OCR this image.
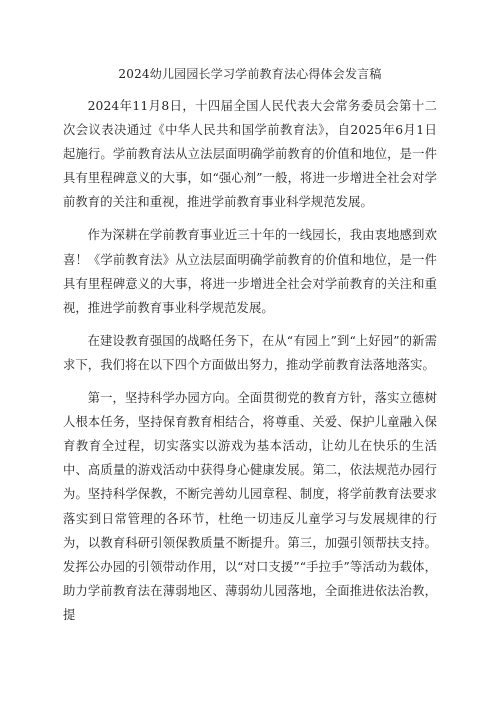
2024幼儿园园长学习学前教育法心得体会发言稿

2024年11月8日，十四届全国人民代表大会常务委员会第十二次会议表决通过《中华人民共和国学前教育法》，自2025年6月1日起施行。学前教育法从立法层面明确学前教育的价值和地位，是一件具有里程碑意义的大事，如“强心剂”一般，将进一步增进全社会对学前教育的关注和重视，推进学前教育事业科学规范发展。

作为深耕在学前教育事业近三十年的一线园长，我由衷地感到欢喜！《学前教育法》从立法层面明确学前教育的价值和地位，是一件具有里程碑意义的大事，将进一步增进全社会对学前教育的关注和重视，推进学前教育事业科学规范发展。

在建设教育强国的战略任务下，在从“有园上”到“上好园”的新需求下，我们将在以下四个方面做出努力，推动学前教育法落地落实。

第一，坚持科学办园方向。全面贯彻党的教育方针，落实立德树人根本任务，坚持保育教育相结合，将尊重、关爱、保护儿童融入保育教育全过程，切实落实以游戏为基本活动，让幼儿在快乐的生活中、高质量的游戏活动中获得身心健康发展。第二，依法规范办园行为。坚持科学保教，不断完善幼儿园章程、制度，将学前教育法要求落实到日常管理的各环节，杜绝一切违反儿童学习与发展规律的行为，以教育科研引领保教质量不断提升。第三，加强引领帮扶支持。发挥公办园的引领带动作用，以“对口支援”“手拉手”等活动为载体，助力学前教育法在薄弱地区、薄弱幼儿园落地，全面推进依法治教，提
